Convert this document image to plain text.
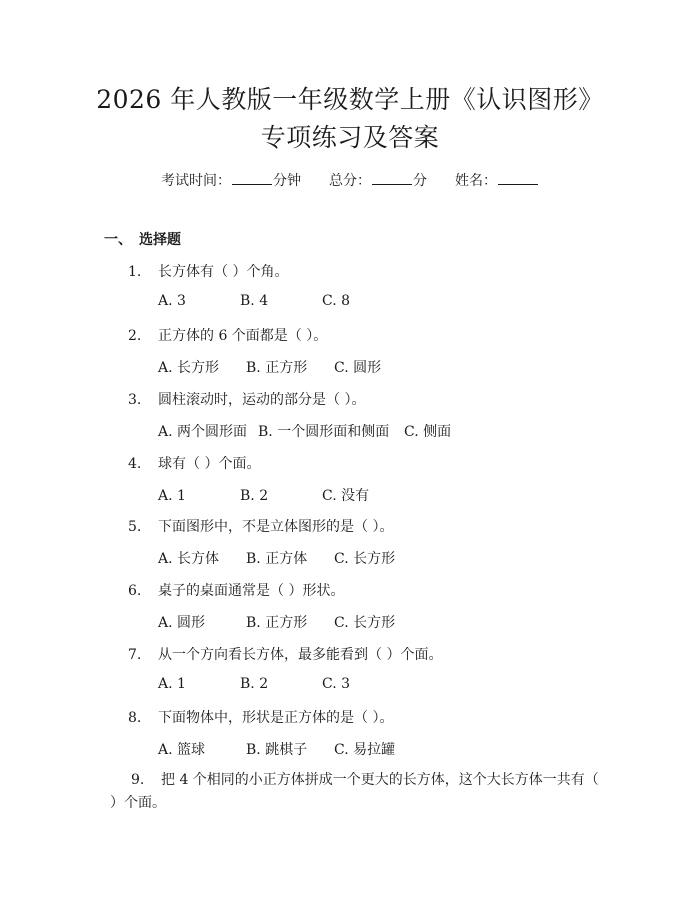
2026 年人教版一年级数学上册《认识图形》
专项练习及答案
考试时间：	分钟 总分：	分 姓名：
一、 选择题
1. 长方体有（ ）个角。
A. 3	B. 4	C. 8
2. 正方体的 6 个面都是（ ）。
A. 长方形 B. 正方形 C. 圆形
3. 圆柱滚动时，运动的部分是（ ）。
A. 两个圆形面 B. 一个圆形面和侧面 C. 侧面
4. 球有（ ）个面。
A. 1	B. 2	C. 没有
5. 下面图形中，不是立体图形的是（ ）。
A. 长方体 B. 正方体 C. 长方形
6. 桌子的桌面通常是（ ）形状。
A. 圆形	B. 正方形 C. 长方形
7. 从一个方向看长方体，最多能看到（ ）个面。
A. 1	B. 2	C. 3
8. 下面物体中，形状是正方体的是（ ）。
A. 篮球	B. 跳棋子 C. 易拉罐
9. 把 4 个相同的小正方体拼成一个更大的长方体，这个大长方体一共有（ ）个面。
